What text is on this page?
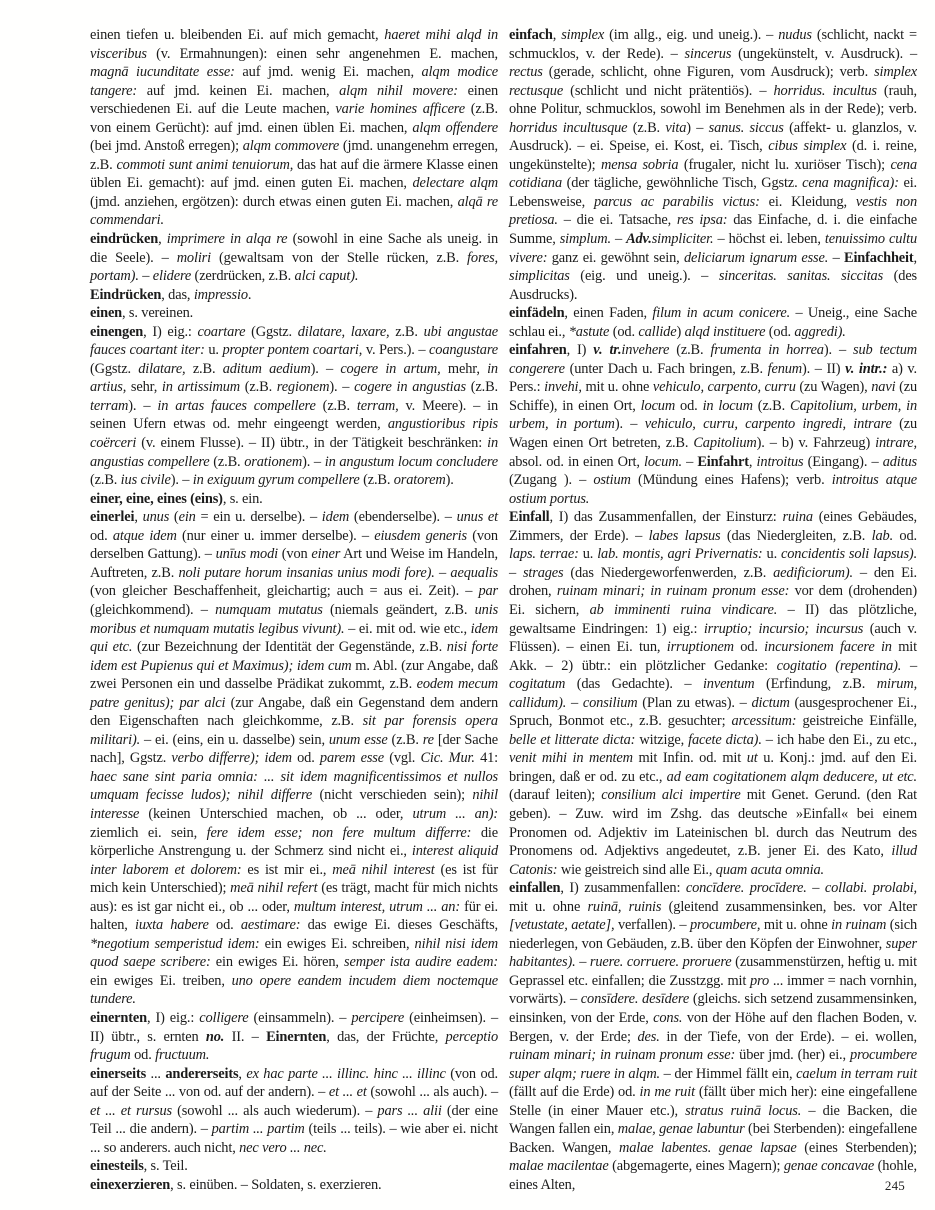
einen tiefen u. bleibenden Ei. auf mich gemacht, haeret mihi alqd in visceribus (v. Ermahnungen): einen sehr angenehmen E. machen, magnā iucunditate esse: auf jmd. wenig Ei. machen, alqm modice tangere: auf jmd. keinen Ei. machen, alqm nihil movere: einen verschiedenen Ei. auf die Leute machen, varie homines afficere (z.B. von einem Gerücht): auf jmd. einen üblen Ei. machen, alqm offendere (bei jmd. Anstoß erregen); alqm commovere (jmd. unangenehm erregen, z.B. commoti sunt animi tenuiorum, das hat auf die ärmere Klasse einen üblen Ei. gemacht): auf jmd. einen guten Ei. machen, delectare alqm (jmd. anziehen, ergötzen): durch etwas einen guten Ei. machen, alqā re commendari.

eindrücken, imprimere in alqa re (sowohl in eine Sache als uneig. in die Seele). – moliri (gewaltsam von der Stelle rücken, z.B. fores, portam). – elidere (zerdrücken, z.B. alci caput).

Eindrücken, das, impressio.

einen, s. vereinen.

einengen, I) eig.: coartare (Ggstz. dilatare, laxare, z.B. ubi angustae fauces coartant iter: u. propter pontem coartari, v. Pers.). – coangustare (Ggstz. dilatare, z.B. aditum aedium). – cogere in artum, mehr, in artius, sehr, in artissimum (z.B. regionem). – cogere in angustias (z.B. terram). – in artas fauces compellere (z.B. terram, v. Meere). – in seinen Ufern etwas od. mehr eingeengt werden, angustioribus ripis coërceri (v. einem Flusse). – II) übtr., in der Tätigkeit beschränken: in angustias compellere (z.B. orationem). – in angustum locum concludere (z.B. ius civile). – in exiguum gyrum compellere (z.B. oratorem).

einer, eine, eines (eins), s. ein.

einerlei, unus (ein = ein u. derselbe). – idem (ebenderselbe). – unus et od. atque idem (nur einer u. immer derselbe). – eiusdem generis (von derselben Gattung). – unīus modi (von einer Art und Weise im Handeln, Auftreten, z.B. noli putare horum insanias unius modi fore). – aequalis (von gleicher Beschaffenheit, gleichartig; auch = aus ei. Zeit). – par (gleichkommend). – numquam mutatus (niemals geändert, z.B. unis moribus et numquam mutatis legibus vivunt). – ei. mit od. wie etc., idem qui etc. (zur Bezeichnung der Identität der Gegenstände, z.B. nisi forte idem est Pupienus qui et Maximus); idem cum m. Abl. (zur Angabe, daß zwei Personen ein und dasselbe Prädikat zukommt, z.B. eodem mecum patre genitus); par alci (zur Angabe, daß ein Gegenstand dem andern den Eigenschaften nach gleichkomme, z.B. sit par forensis opera militari). – ei. (eins, ein u. dasselbe) sein, unum esse (z.B. re [der Sache nach], Ggstz. verbo differre); idem od. parem esse (vgl. Cic. Mur. 41: haec sane sint paria omnia: ... sit idem magnificentissimos et nullos umquam fecisse ludos); nihil differre (nicht verschieden sein); nihil interesse (keinen Unterschied machen, ob ... oder, utrum ... an): ziemlich ei. sein, fere idem esse; non fere multum differre: die körperliche Anstrengung u. der Schmerz sind nicht ei., interest aliquid inter laborem et dolorem: es ist mir ei., meā nihil interest (es ist für mich kein Unterschied); meā nihil refert (es trägt, macht für mich nichts aus): es ist gar nicht ei., ob ... oder, multum interest, utrum ... an: für ei. halten, iuxta habere od. aestimare: das ewige Ei. dieses Geschäfts, *negotium semperistud idem: ein ewiges Ei. schreiben, nihil nisi idem quod saepe scribere: ein ewiges Ei. hören, semper ista audire eadem: ein ewiges Ei. treiben, uno opere eandem incudem diem noctemque tundere.

einernten, I) eig.: colligere (einsammeln). – percipere (einheimsen). – II) übtr., s. ernten no. II. – Einernten, das, der Früchte, perceptio frugum od. fructuum.

einerseits ... andererseits, ex hac parte ... illinc. hinc ... illinc (von od. auf der Seite ... von od. auf der andern). – et ... et (sowohl ... als auch). – et ... et rursus (sowohl ... als auch wiederum). – pars ... alii (der eine Teil ... die andern). – partim ... partim (teils ... teils). – wie aber ei. nicht ... so anderers. auch nicht, nec vero ... nec.

einesteils, s. Teil.

einexerzieren, s. einüben. – Soldaten, s. exerzieren.

einfach, simplex (im allg., eig. und uneig.). – nudus (schlicht, nackt = schmucklos, v. der Rede). – sincerus (ungekünstelt, v. Ausdruck). – rectus (gerade, schlicht, ohne Figuren, vom Ausdruck); verb. simplex rectusque (schlicht und nicht prätentiös). – horridus. incultus (rauh, ohne Politur, schmucklos, sowohl im Benehmen als in der Rede); verb. horridus incultusque (z.B. vita) – sanus. siccus (affekt- u. glanzlos, v. Ausdruck). – ei. Speise, ei. Kost, ei. Tisch, cibus simplex (d. i. reine, ungekünstelte); mensa sobria (frugaler, nicht lu. xuriöser Tisch); cena cotidiana (der tägliche, gewöhnliche Tisch, Ggstz. cena magnifica): ei. Lebensweise, parcus ac parabilis victus: ei. Kleidung, vestis non pretiosa. – die ei. Tatsache, res ipsa: das Einfache, d. i. die einfache Summe, simplum. – Adv.simpliciter. – höchst ei. leben, tenuissimo cultu vivere: ganz ei. gewöhnt sein, deliciarum ignarum esse. – Einfachheit, simplicitas (eig. und uneig.). – sinceritas. sanitas. siccitas (des Ausdrucks).

einfädeln, einen Faden, filum in acum conicere. – Uneig., eine Sache schlau ei., *astute (od. callide) alqd instituere (od. aggredi).

einfahren, I) v. tr.invehere (z.B. frumenta in horrea). – sub tectum congerere (unter Dach u. Fach bringen, z.B. fenum). – II) v. intr.: a) v. Pers.: invehi, mit u. ohne vehiculo, carpento, curru (zu Wagen), navi (zu Schiffe), in einen Ort, locum od. in locum (z.B. Capitolium, urbem, in urbem, in portum). – vehiculo, curru, carpento ingredi, intrare (zu Wagen einen Ort betreten, z.B. Capitolium). – b) v. Fahrzeug) intrare, absol. od. in einen Ort, locum. – Einfahrt, introitus (Eingang). – aditus (Zugang ). – ostium (Mündung eines Hafens); verb. introitus atque ostium portus.

Einfall, I) das Zusammenfallen, der Einsturz: ruina (eines Gebäudes, Zimmers, der Erde). – labes lapsus (das Niedergleiten, z.B. lab. od. laps. terrae: u. lab. montis, agri Privernatis: u. concidentis soli lapsus). – strages (das Niedergeworfenwerden, z.B. aedificiorum). – den Ei. drohen, ruinam minari; in ruinam pronum esse: vor dem (drohenden) Ei. sichern, ab imminenti ruina vindicare. – II) das plötzliche, gewaltsame Eindringen: 1) eig.: irruptio; incursio; incursus (auch v. Flüssen). – einen Ei. tun, irruptionem od. incursionem facere in mit Akk. – 2) übtr.: ein plötzlicher Gedanke: cogitatio (repentina). – cogitatum (das Gedachte). – inventum (Erfindung, z.B. mirum, callidum). – consilium (Plan zu etwas). – dictum (ausgesprochener Ei., Spruch, Bonmot etc., z.B. gesuchter; arcessitum: geistreiche Einfälle, belle et litterate dicta: witzige, facete dicta). – ich habe den Ei., zu etc., venit mihi in mentem mit Infin. od. mit ut u. Konj.: jmd. auf den Ei. bringen, daß er od. zu etc., ad eam cogitationem alqm deducere, ut etc. (darauf leiten); consilium alci impertire mit Genet. Gerund. (den Rat geben). – Zuw. wird im Zshg. das deutsche »Einfall« bei einem Pronomen od. Adjektiv im Lateinischen bl. durch das Neutrum des Pronomens od. Adjektivs angedeutet, z.B. jener Ei. des Kato, illud Catonis: wie geistreich sind alle Ei., quam acuta omnia.

einfallen, I) zusammenfallen: concīdere. procīdere. – collabi. prolabi, mit u. ohne ruinā, ruinis (gleitend zusammensinken, bes. vor Alter [vetustate, aetate], verfallen). – procumbere, mit u. ohne in ruinam (sich niederlegen, von Gebäuden, z.B. über den Köpfen der Einwohner, super habitantes). – ruere. corruere. proruere (zusammenstürzen, heftig u. mit Geprassel etc. einfallen; die Zusstzgg. mit pro ... immer = nach vornhin, vorwärts). – consīdere. desīdere (gleichs. sich setzend zusammensinken, einsinken, von der Erde, cons. von der Höhe auf den flachen Boden, v. Bergen, v. der Erde; des. in der Tiefe, von der Erde). – ei. wollen, ruinam minari; in ruinam pronum esse: über jmd. (her) ei., procumbere super alqm; ruere in alqm. – der Himmel fällt ein, caelum in terram ruit (fällt auf die Erde) od. in me ruit (fällt über mich her): eine eingefallene Stelle (in einer Mauer etc.), stratus ruinā locus. – die Backen, die Wangen fallen ein, malae, genae labuntur (bei Sterbenden): eingefallene Backen. Wangen, malae labentes. genae lapsae (eines Sterbenden); malae macilentae (abgemagerte, eines Magern); genae concavae (hohle, eines Alten,	245
